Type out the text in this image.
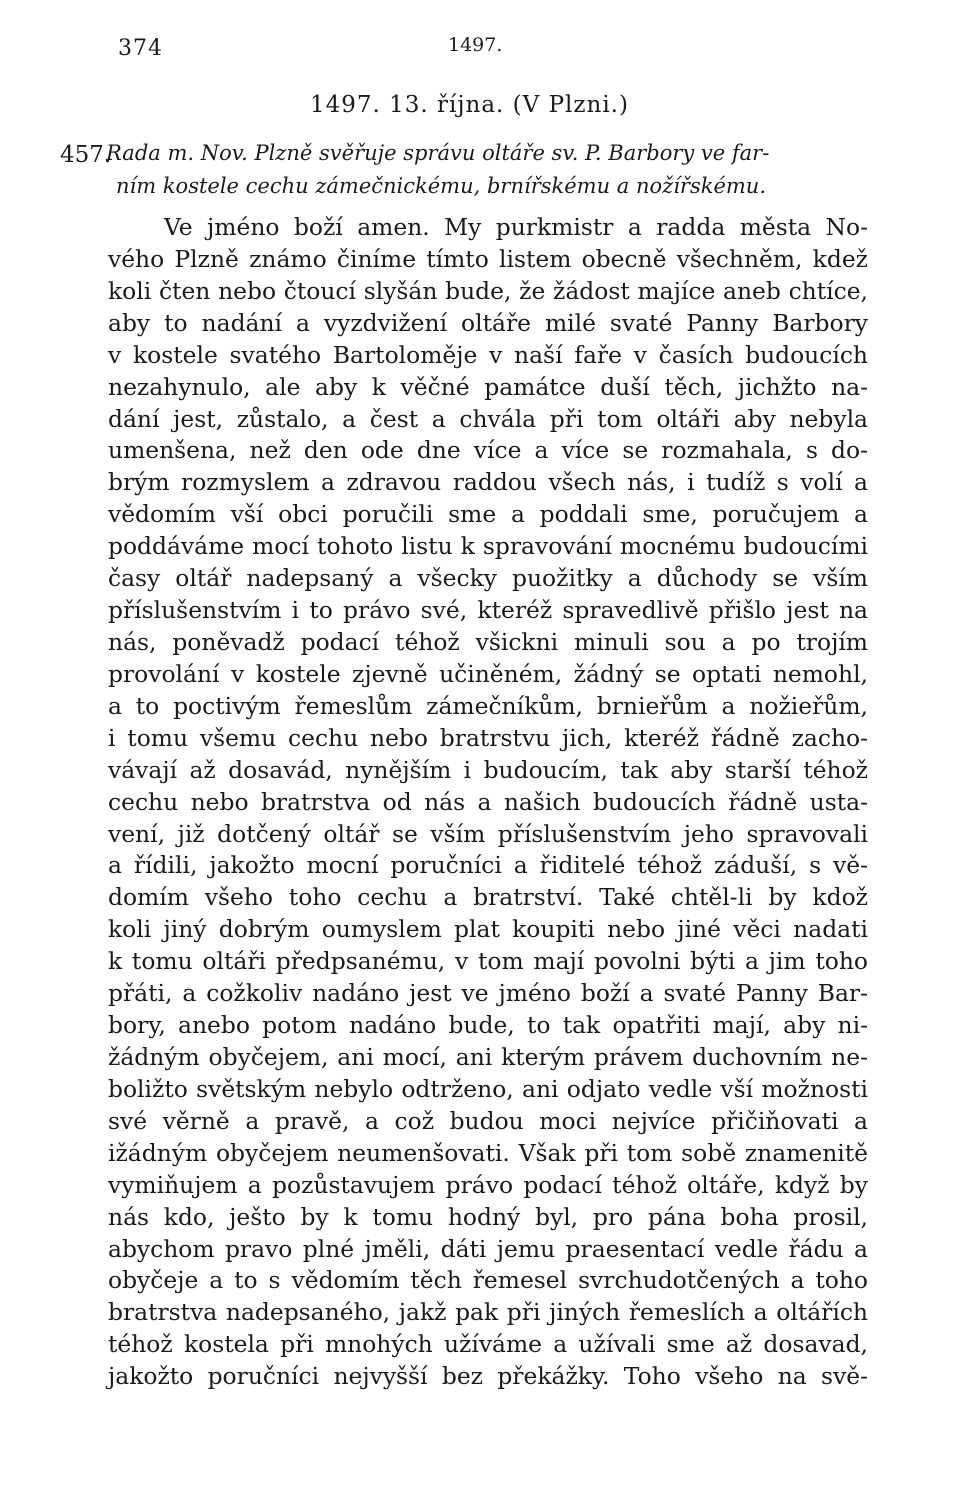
374	1497.
1497. 13. října. (V Plzni.)
457.

Rada m. Nov. Plzně svěřuje správu oltáře sv. P. Barbory ve far-
ním kostele cechu zámečnickému, brnířskému a nožířskému.

Ve jméno boží amen. My purkmistr a radda města No-
vého Plzně známo činíme tímto listem obecně všechněm, kdež
koli čten nebo čtoucí slyšán bude, že žádost majíce aneb chtíce,
aby to nadání a vyzdvižení oltáře milé svaté Panny Barbory
v kostele svatého Bartoloměje v naší faře v časích budoucích
nezahynulo, ale aby k věčné památce duší těch, jichžto na-
dání jest, zůstalo, a čest a chvála při tom oltáři aby nebyla
umenšena, než den ode dne více a více se rozmahala, s do-
brým rozmyslem a zdravou raddou všech nás, i tudíž s volí a
vědomím vší obci poručili sme a poddali sme, poručujem a
poddáváme mocí tohoto listu k spravování mocnému budoucími
časy oltář nadepsaný a všecky puožitky a důchody se vším
příslušenstvím i to právo své, kteréž spravedlivě přišlo jest na
nás, poněvadž podací téhož všickni minuli sou a po trojím
provolání v kostele zjevně učiněném, žádný se optati nemohl,
a to poctivým řemeslům zámečníkům, brnieřům a nožieřům,
i tomu všemu cechu nebo bratrstvu jich, kteréž řádně zacho-
vávají až dosavád, nynějším i budoucím, tak aby starší téhož
cechu nebo bratrstva od nás a našich budoucích řádně usta-
vení, již dotčený oltář se vším příslušenstvím jeho spravovali
a řídili, jakožto mocní poručníci a řiditelé téhož záduší, s vě-
domím všeho toho cechu a bratrství. Také chtěl-li by kdož
koli jiný dobrým oumyslem plat koupiti nebo jiné věci nadati
k tomu oltáři předpsanému, v tom mají povolni býti a jim toho
přáti, a cožkoliv nadáno jest ve jméno boží a svaté Panny Bar-
bory, anebo potom nadáno bude, to tak opatřiti mají, aby ni-
žádným obyčejem, ani mocí, ani kterým právem duchovním ne-
boližto světským nebylo odtrženo, ani odjato vedle vší možnosti
své věrně a pravě, a což budou moci nejvíce přičiňovati a
ižádným obyčejem neumenšovati. Však při tom sobě znamenitě
vymiňujem a pozůstavujem právo podací téhož oltáře, když by
nás kdo, ješto by k tomu hodný byl, pro pána boha prosil,
abychom pravo plné jměli, dáti jemu praesentací vedle řádu a
obyčeje a to s vědomím těch řemesel svrchudotčených a toho
bratrstva nadepsaného, jakž pak při jiných řemeslích a oltářích
téhož kostela při mnohých užíváme a užívali sme až dosavad,
jakožto poručníci nejvyšší bez překážky. Toho všeho na svě-
